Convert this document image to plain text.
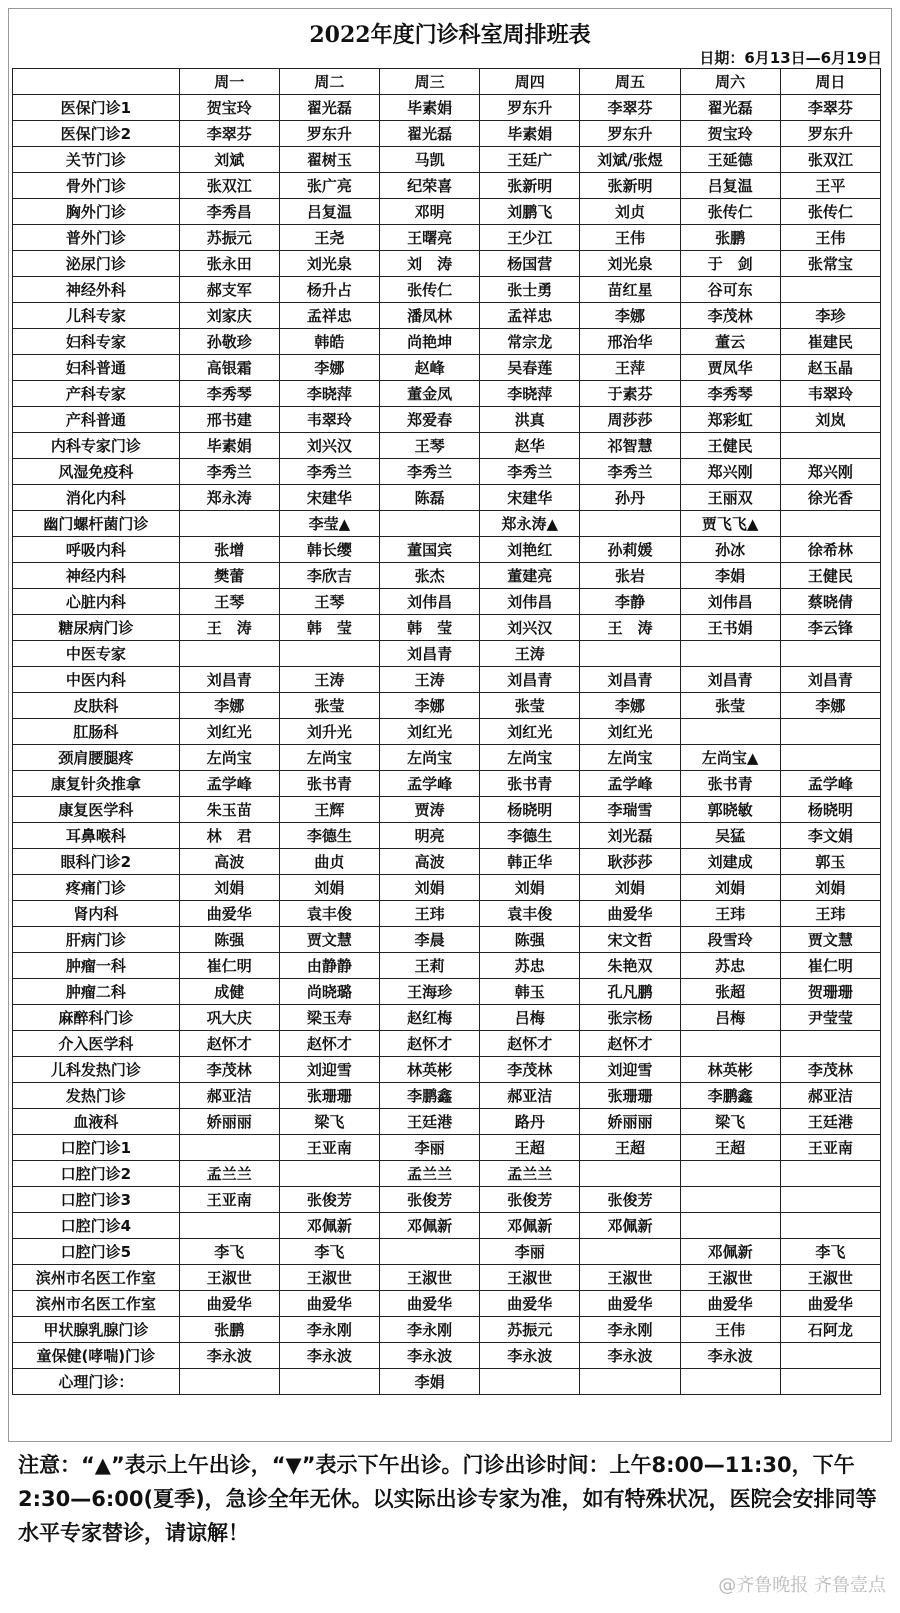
2022年度门诊科室周排班表
日期：6月13日—6月19日
	周一	周二	周三	周四	周五	周六	周日
医保门诊1	贺宝玲	翟光磊	毕素娟	罗东升	李翠芬	翟光磊	李翠芬
医保门诊2	李翠芬	罗东升	翟光磊	毕素娟	罗东升	贺宝玲	罗东升
关节门诊	刘斌	翟树玉	马凯	王廷广	刘斌/张煜	王延德	张双江
骨外门诊	张双江	张广亮	纪荣喜	张新明	张新明	吕复温	王平
胸外门诊	李秀昌	吕复温	邓明	刘鹏飞	刘贞	张传仁	张传仁
普外门诊	苏振元	王尧	王曙亮	王少江	王伟	张鹏	王伟
泌尿门诊	张永田	刘光泉	刘　涛	杨国营	刘光泉	于　剑	张常宝
神经外科	郝支军	杨升占	张传仁	张士勇	苗红星	谷可东	
儿科专家	刘家庆	孟祥忠	潘凤林	孟祥忠	李娜	李茂林	李珍
妇科专家	孙敬珍	韩皓	尚艳坤	常宗龙	邢治华	董云	崔建民
妇科普通	高银霜	李娜	赵峰	吴春莲	王萍	贾凤华	赵玉晶
产科专家	李秀琴	李晓萍	董金凤	李晓萍	于素芬	李秀琴	韦翠玲
产科普通	邢书建	韦翠玲	郑爱春	洪真	周莎莎	郑彩虹	刘岚
内科专家门诊	毕素娟	刘兴汉	王琴	赵华	祁智慧	王健民	
风湿免疫科	李秀兰	李秀兰	李秀兰	李秀兰	李秀兰	郑兴刚	郑兴刚
消化内科	郑永涛	宋建华	陈磊	宋建华	孙丹	王丽双	徐光香
幽门螺杆菌门诊		李莹▲		郑永涛▲		贾飞飞▲	
呼吸内科	张增	韩长缨	董国宾	刘艳红	孙莉媛	孙冰	徐希林
神经内科	樊蕾	李欣吉	张杰	董建亮	张岩	李娟	王健民
心脏内科	王琴	王琴	刘伟昌	刘伟昌	李静	刘伟昌	蔡晓倩
糖尿病门诊	王　涛	韩　莹	韩　莹	刘兴汉	王　涛	王书娟	李云锋
中医专家			刘昌青	王涛			
中医内科	刘昌青	王涛	王涛	刘昌青	刘昌青	刘昌青	刘昌青
皮肤科	李娜	张莹	李娜	张莹	李娜	张莹	李娜
肛肠科	刘红光	刘升光	刘红光	刘红光	刘红光		
颈肩腰腿疼	左尚宝	左尚宝	左尚宝	左尚宝	左尚宝	左尚宝▲	
康复针灸推拿	孟学峰	张书青	孟学峰	张书青	孟学峰	张书青	孟学峰
康复医学科	朱玉苗	王辉	贾涛	杨晓明	李瑞雪	郭晓敏	杨晓明
耳鼻喉科	林　君	李德生	明亮	李德生	刘光磊	吴猛	李文娟
眼科门诊2	高波	曲贞	高波	韩正华	耿莎莎	刘建成	郭玉
疼痛门诊	刘娟	刘娟	刘娟	刘娟	刘娟	刘娟	刘娟
肾内科	曲爱华	袁丰俊	王玮	袁丰俊	曲爱华	王玮	王玮
肝病门诊	陈强	贾文慧	李晨	陈强	宋文哲	段雪玲	贾文慧
肿瘤一科	崔仁明	由静静	王莉	苏忠	朱艳双	苏忠	崔仁明
肿瘤二科	成健	尚晓璐	王海珍	韩玉	孔凡鹏	张超	贺珊珊
麻醉科门诊	巩大庆	梁玉寿	赵红梅	吕梅	张宗杨	吕梅	尹莹莹
介入医学科	赵怀才	赵怀才	赵怀才	赵怀才	赵怀才		
儿科发热门诊	李茂林	刘迎雪	林英彬	李茂林	刘迎雪	林英彬	李茂林
发热门诊	郝亚洁	张珊珊	李鹏鑫	郝亚洁	张珊珊	李鹏鑫	郝亚洁
血液科	娇丽丽	梁飞	王廷港	路丹	娇丽丽	梁飞	王廷港
口腔门诊1		王亚南	李丽	王超	王超	王超	王亚南
口腔门诊2	孟兰兰		孟兰兰	孟兰兰			
口腔门诊3	王亚南	张俊芳	张俊芳	张俊芳	张俊芳		
口腔门诊4		邓佩新	邓佩新	邓佩新	邓佩新		
口腔门诊5	李飞	李飞		李丽		邓佩新	李飞
滨州市名医工作室	王淑世	王淑世	王淑世	王淑世	王淑世	王淑世	王淑世
滨州市名医工作室	曲爱华	曲爱华	曲爱华	曲爱华	曲爱华	曲爱华	曲爱华
甲状腺乳腺门诊	张鹏	李永刚	李永刚	苏振元	李永刚	王伟	石阿龙
童保健(哮喘)门诊	李永波	李永波	李永波	李永波	李永波	李永波	
心理门诊：			李娟				
注意：“▲”表示上午出诊，“▼”表示下午出诊。门诊出诊时间：上午8:00—11:30，下午2:30—6:00(夏季)，急诊全年无休。以实际出诊专家为准，如有特殊状况，医院会安排同等水平专家替诊，请谅解！
@齐鲁晚报 齐鲁壹点
